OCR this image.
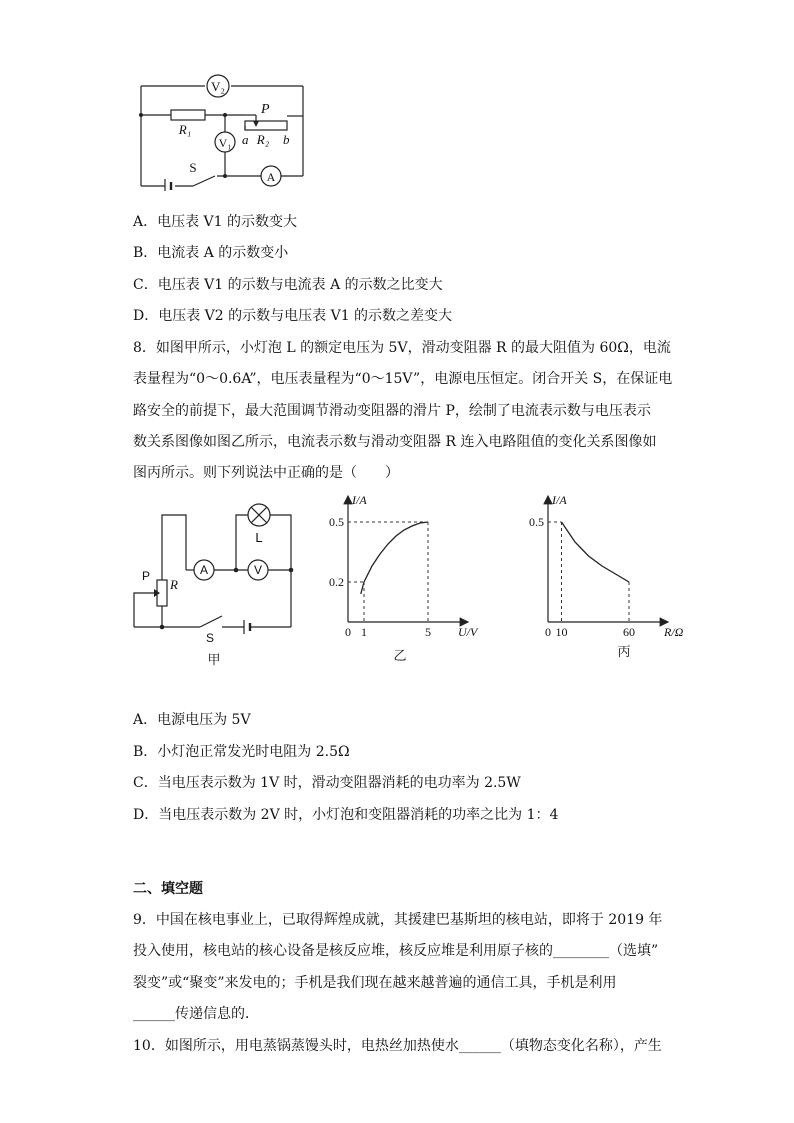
V₂
V₁
A
R₁
P
R₂
a	b
S
A．电压表 V1 的示数变大
B．电流表 A 的示数变小
C．电压表 V1 的示数与电流表 A 的示数之比变大
D．电压表 V2 的示数与电压表 V1 的示数之差变大
8．如图甲所示，小灯泡 L 的额定电压为 5V，滑动变阻器 R 的最大阻值为 60Ω，电流
表量程为“0～0.6A”，电压表量程为“0～15V”，电源电压恒定。闭合开关 S，在保证电
路安全的前提下，最大范围调节滑动变阻器的滑片 P，绘制了电流表示数与电压表示
数关系图像如图乙所示，电流表示数与滑动变阻器 R 连入电路阻值的变化关系图像如
图丙所示。则下列说法中正确的是（　　）
A	V
L
P
R
S
甲
1	5
0.2
0.5
I/A
U/V
0
乙
10	60
0.5
I/A
R/Ω
0
丙
A．电源电压为 5V
B．小灯泡正常发光时电阻为 2.5Ω
C．当电压表示数为 1V 时，滑动变阻器消耗的电功率为 2.5W
D．当电压表示数为 2V 时，小灯泡和变阻器消耗的功率之比为 1：4
二、填空题
9．中国在核电事业上，已取得辉煌成就，其援建巴基斯坦的核电站，即将于 2019 年
投入使用，核电站的核心设备是核反应堆，核反应堆是利用原子核的________（选填”
裂变”或“聚变”来发电的；手机是我们现在越来越普遍的通信工具，手机是利用
______传递信息的．
10．如图所示，用电蒸锅蒸馒头时，电热丝加热使水______（填物态变化名称），产生
